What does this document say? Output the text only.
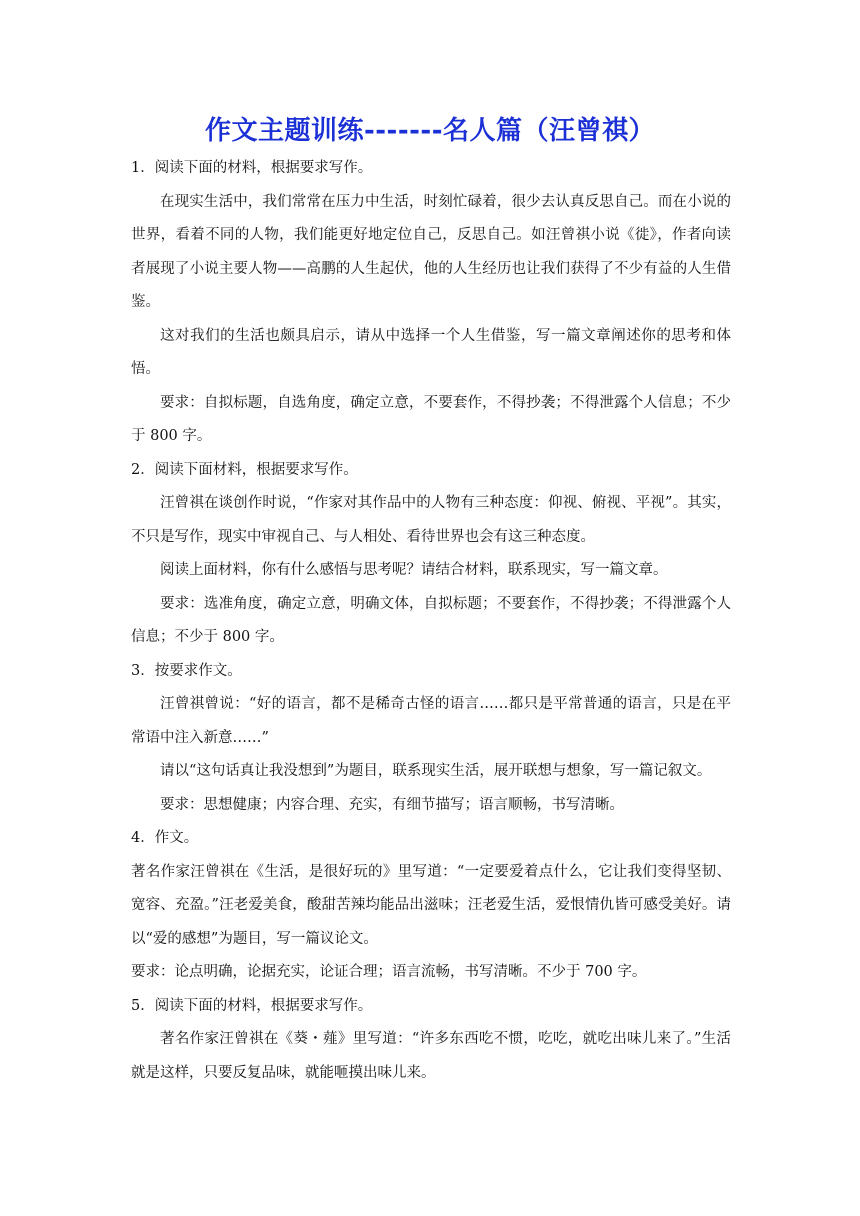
作文主题训练-------名人篇（汪曾祺）

1．阅读下面的材料，根据要求写作。

在现实生活中，我们常常在压力中生活，时刻忙碌着，很少去认真反思自己。而在小说的世界，看着不同的人物，我们能更好地定位自己，反思自己。如汪曾祺小说《徙》，作者向读者展现了小说主要人物——高鹏的人生起伏，他的人生经历也让我们获得了不少有益的人生借鉴。

这对我们的生活也颇具启示，请从中选择一个人生借鉴，写一篇文章阐述你的思考和体悟。

要求：自拟标题，自选角度，确定立意，不要套作，不得抄袭；不得泄露个人信息；不少于 800 字。

2．阅读下面材料，根据要求写作。

汪曾祺在谈创作时说，“作家对其作品中的人物有三种态度：仰视、俯视、平视”。其实，不只是写作，现实中审视自己、与人相处、看待世界也会有这三种态度。

阅读上面材料，你有什么感悟与思考呢？请结合材料，联系现实，写一篇文章。

要求：选准角度，确定立意，明确文体，自拟标题；不要套作，不得抄袭；不得泄露个人信息；不少于 800 字。

3．按要求作文。

汪曾祺曾说：“好的语言，都不是稀奇古怪的语言……都只是平常普通的语言，只是在平常语中注入新意……”

请以“这句话真让我没想到”为题目，联系现实生活，展开联想与想象，写一篇记叙文。

要求：思想健康；内容合理、充实，有细节描写；语言顺畅，书写清晰。

4．作文。

著名作家汪曾祺在《生活，是很好玩的》里写道：“一定要爱着点什么，它让我们变得坚韧、宽容、充盈。”汪老爱美食，酸甜苦辣均能品出滋味；汪老爱生活，爱恨情仇皆可感受美好。请以“爱的感想”为题目，写一篇议论文。

要求：论点明确，论据充实，论证合理；语言流畅，书写清晰。不少于 700 字。

5．阅读下面的材料，根据要求写作。

著名作家汪曾祺在《葵・薤》里写道：“许多东西吃不惯，吃吃，就吃出味儿来了。”生活就是这样，只要反复品味，就能咂摸出味儿来。
